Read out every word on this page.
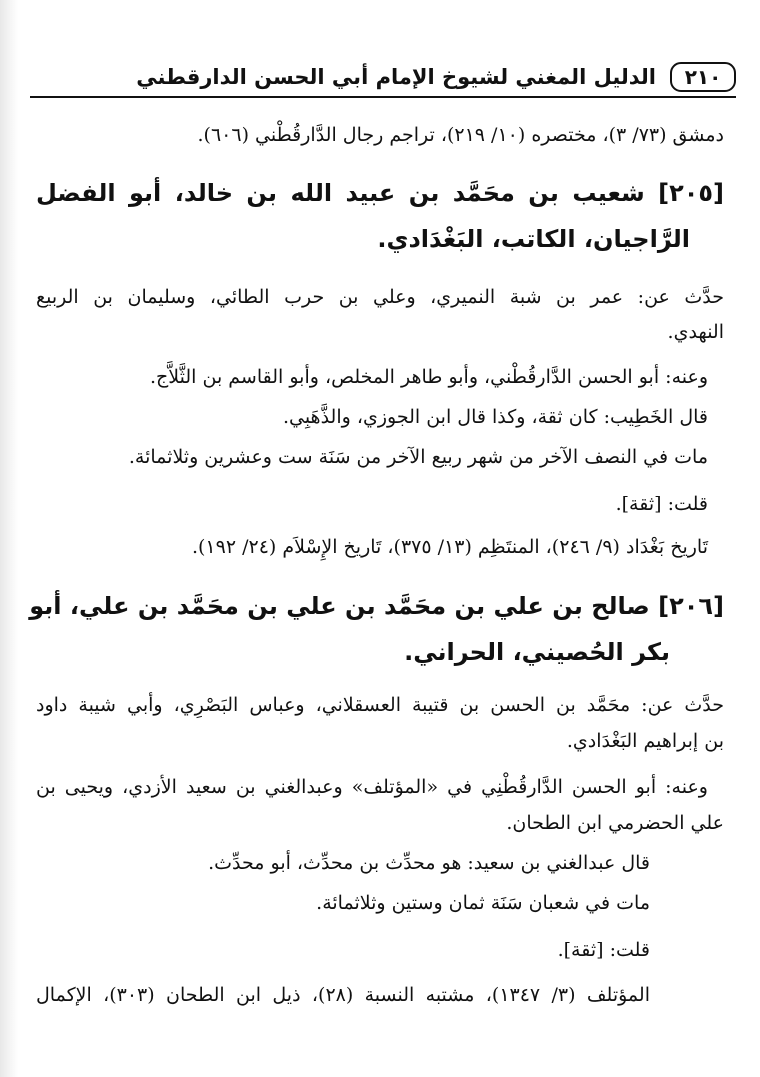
٢١٠
الدليل المغني لشيوخ الإمام أبي الحسن الدارقطني
دمشق (٧٣/ ٣)، مختصره (١٠/ ٢١٩)، تراجم رجال الدَّارقُطْني (٦٠٦).
[٢٠٥] شعيب بن محَمَّد بن عبيد الله بن خالد، أبو الفضل
الرَّاجيان، الكاتب، البَغْدَادي.
حدَّث عن: عمر بن شبة النميري، وعلي بن حرب الطائي، وسليمان بن الربيع
النهدي.
وعنه: أبو الحسن الدَّارقُطْني، وأبو طاهر المخلص، وأبو القاسم بن الثَّلاَّج.
قال الخَطِيب: كان ثقة، وكذا قال ابن الجوزي، والذَّهَبِي.
مات في النصف الآخر من شهر ربيع الآخر من سَنَة ست وعشرين وثلاثمائة.
قلت: [ثقة].
تَاريخ بَغْدَاد (٩/ ٢٤٦)، المنتَظِم (١٣/ ٣٧٥)، تَاريخ الإِسْلاَم (٢٤/ ١٩٢).
[٢٠٦] صالح بن علي بن محَمَّد بن علي بن محَمَّد بن علي، أبو
بكر الحُصيني، الحراني.
حدَّث عن: محَمَّد بن الحسن بن قتيبة العسقلاني، وعباس البَصْرِي، وأبي شيبة داود
بن إبراهيم البَغْدَادي.
وعنه: أبو الحسن الدَّارقُطْنِي في «المؤتلف» وعبدالغني بن سعيد الأزدي، ويحيى بن
علي الحضرمي ابن الطحان.
قال عبدالغني بن سعيد: هو محدِّث بن محدِّث، أبو محدِّث.
مات في شعبان سَنَة ثمان وستين وثلاثمائة.
قلت: [ثقة].
المؤتلف (٣/ ١٣٤٧)، مشتبه النسبة (٢٨)، ذيل ابن الطحان (٣٠٣)، الإكمال
